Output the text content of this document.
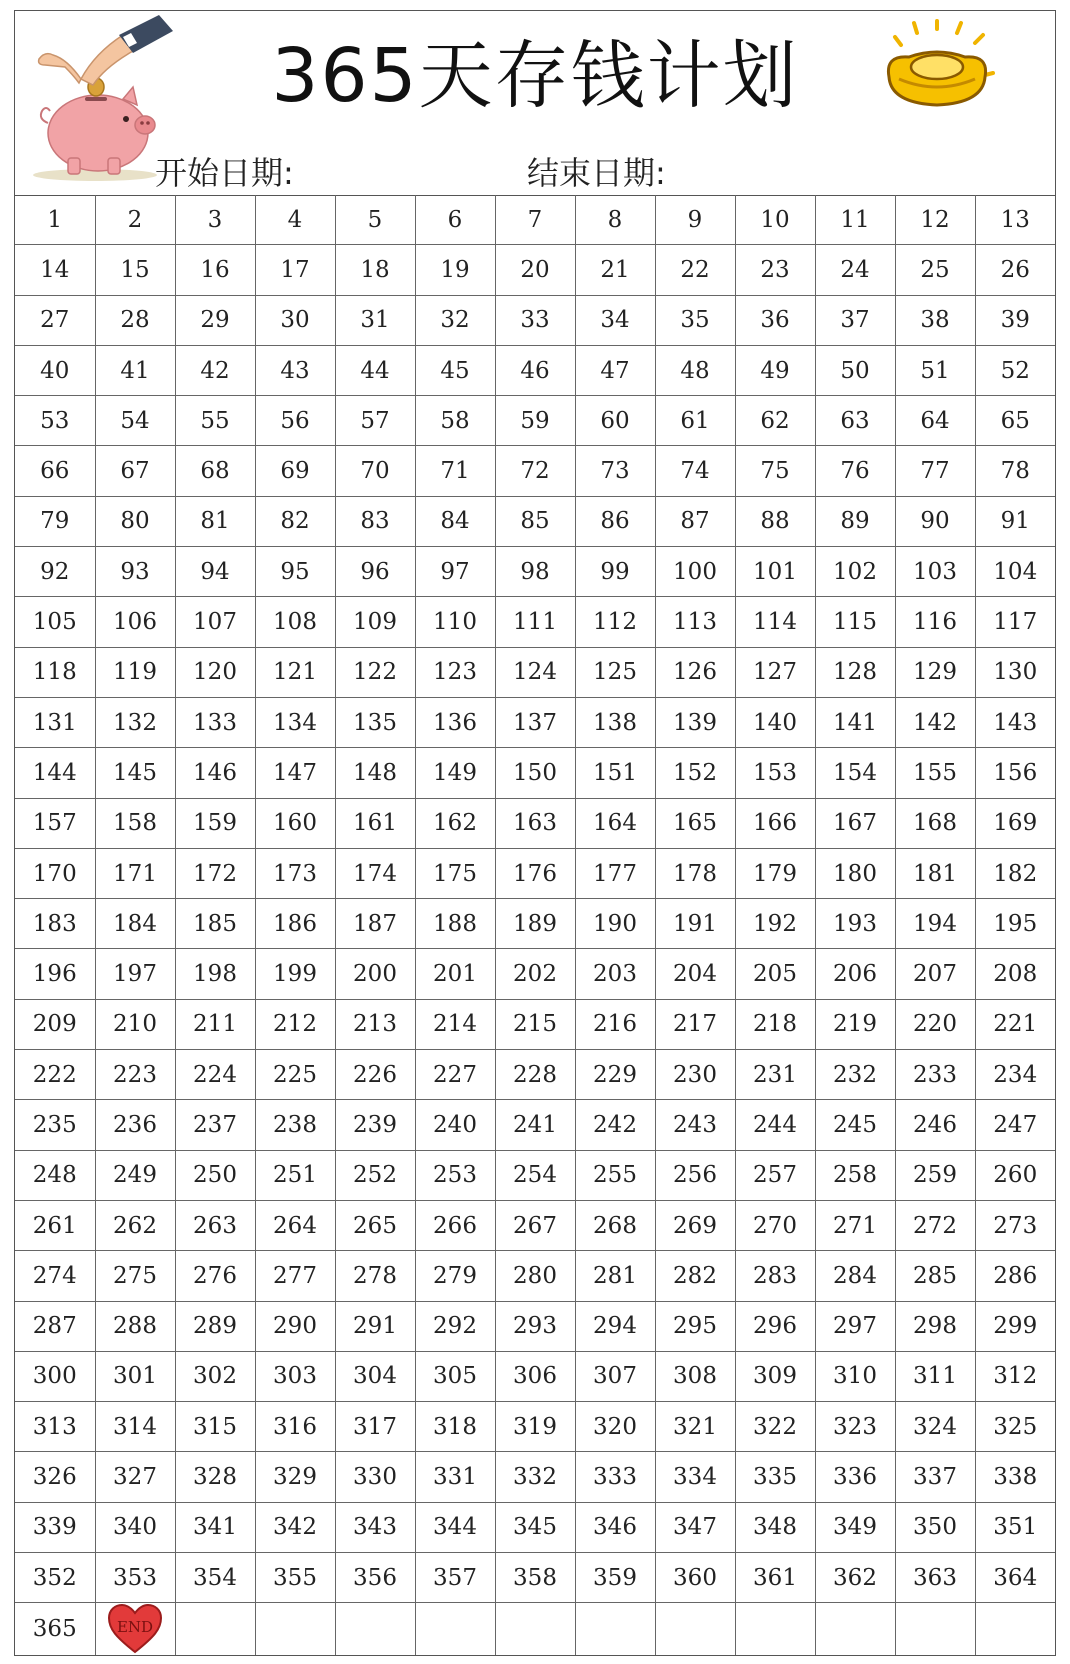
365天存钱计划
开始日期:	结束日期:
1	2	3	4	5	6	7	8	9	10	11	12	13
14	15	16	17	18	19	20	21	22	23	24	25	26
27	28	29	30	31	32	33	34	35	36	37	38	39
40	41	42	43	44	45	46	47	48	49	50	51	52
53	54	55	56	57	58	59	60	61	62	63	64	65
66	67	68	69	70	71	72	73	74	75	76	77	78
79	80	81	82	83	84	85	86	87	88	89	90	91
92	93	94	95	96	97	98	99	100	101	102	103	104
105	106	107	108	109	110	111	112	113	114	115	116	117
118	119	120	121	122	123	124	125	126	127	128	129	130
131	132	133	134	135	136	137	138	139	140	141	142	143
144	145	146	147	148	149	150	151	152	153	154	155	156
157	158	159	160	161	162	163	164	165	166	167	168	169
170	171	172	173	174	175	176	177	178	179	180	181	182
183	184	185	186	187	188	189	190	191	192	193	194	195
196	197	198	199	200	201	202	203	204	205	206	207	208
209	210	211	212	213	214	215	216	217	218	219	220	221
222	223	224	225	226	227	228	229	230	231	232	233	234
235	236	237	238	239	240	241	242	243	244	245	246	247
248	249	250	251	252	253	254	255	256	257	258	259	260
261	262	263	264	265	266	267	268	269	270	271	272	273
274	275	276	277	278	279	280	281	282	283	284	285	286
287	288	289	290	291	292	293	294	295	296	297	298	299
300	301	302	303	304	305	306	307	308	309	310	311	312
313	314	315	316	317	318	319	320	321	322	323	324	325
326	327	328	329	330	331	332	333	334	335	336	337	338
339	340	341	342	343	344	345	346	347	348	349	350	351
352	353	354	355	356	357	358	359	360	361	362	363	364
365	END											
